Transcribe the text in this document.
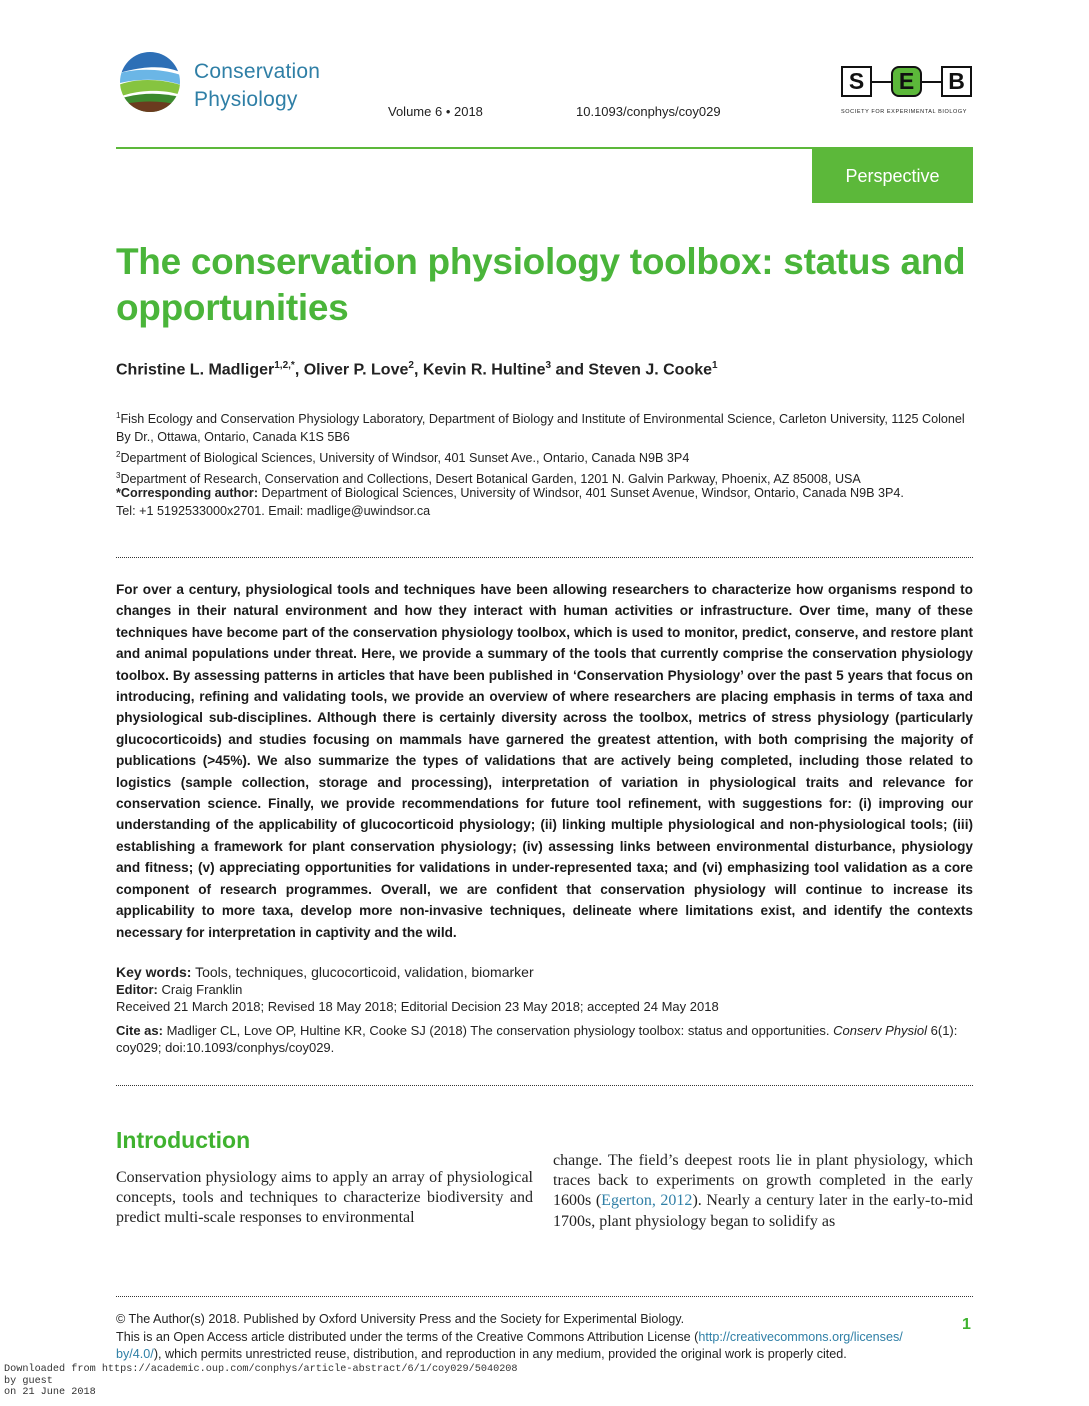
Conservation
Physiology
Volume 6 • 2018	10.1093/conphys/coy029
S	E	B
SOCIETY FOR EXPERIMENTAL BIOLOGY
Perspective
The conservation physiology toolbox: status and
opportunities
Christine L. Madliger$^{1,2,*}$, Oliver P. Love$^2$, Kevin R. Hultine$^3$ and Steven J. Cooke$^1$
$^1$Fish Ecology and Conservation Physiology Laboratory, Department of Biology and Institute of Environmental Science, Carleton University, 1125 Colonel By Dr., Ottawa, Ontario, Canada K1S 5B6
$^2$Department of Biological Sciences, University of Windsor, 401 Sunset Ave., Ontario, Canada N9B 3P4
$^3$Department of Research, Conservation and Collections, Desert Botanical Garden, 1201 N. Galvin Parkway, Phoenix, AZ 85008, USA
*Corresponding author: Department of Biological Sciences, University of Windsor, 401 Sunset Avenue, Windsor, Ontario, Canada N9B 3P4.
Tel: +1 5192533000x2701. Email: madlige@uwindsor.ca
For over a century, physiological tools and techniques have been allowing researchers to characterize how organisms respond to changes in their natural environment and how they interact with human activities or infrastructure. Over time, many of these techniques have become part of the conservation physiology toolbox, which is used to monitor, predict, conserve, and restore plant and animal populations under threat. Here, we provide a summary of the tools that currently comprise the conservation physiology toolbox. By assessing patterns in articles that have been published in ‘Conservation Physiology’ over the past 5 years that focus on introducing, refining and validating tools, we provide an overview of where researchers are placing emphasis in terms of taxa and physiological sub-disciplines. Although there is certainly diversity across the toolbox, metrics of stress physiology (particularly glucocorticoids) and studies focusing on mammals have garnered the greatest attention, with both comprising the majority of publications (>45%). We also summarize the types of validations that are actively being completed, including those related to logistics (sample collection, storage and processing), interpretation of variation in physiological traits and relevance for conservation science. Finally, we provide recommendations for future tool refinement, with suggestions for: (i) improving our understanding of the applicability of glucocorticoid physiology; (ii) linking multiple physiological and non-physiological tools; (iii) establishing a framework for plant conservation physiology; (iv) assessing links between environmental disturbance, physiology and fitness; (v) appreciating opportunities for validations in under-represented taxa; and (vi) emphasizing tool validation as a core component of research programmes. Overall, we are confident that conservation physiology will continue to increase its applicability to more taxa, develop more non-invasive techniques, delineate where limitations exist, and identify the contexts necessary for interpretation in captivity and the wild.
Key words: Tools, techniques, glucocorticoid, validation, biomarker
Editor: Craig Franklin
Received 21 March 2018; Revised 18 May 2018; Editorial Decision 23 May 2018; accepted 24 May 2018
Cite as: Madliger CL, Love OP, Hultine KR, Cooke SJ (2018) The conservation physiology toolbox: status and opportunities. Conserv Physiol 6(1):
coy029; doi:10.1093/conphys/coy029.
Introduction
Conservation physiology aims to apply an array of physiological concepts, tools and techniques to characterize biodiversity and predict multi-scale responses to environmental
change. The field’s deepest roots lie in plant physiology, which traces back to experiments on growth completed in the early 1600s (Egerton, 2012). Nearly a century later in the early-to-mid 1700s, plant physiology began to solidify as
© The Author(s) 2018. Published by Oxford University Press and the Society for Experimental Biology.
This is an Open Access article distributed under the terms of the Creative Commons Attribution License (http://creativecommons.org/licenses/
by/4.0/), which permits unrestricted reuse, distribution, and reproduction in any medium, provided the original work is properly cited.
1
Downloaded from https://academic.oup.com/conphys/article-abstract/6/1/coy029/5040208
by guest
on 21 June 2018
